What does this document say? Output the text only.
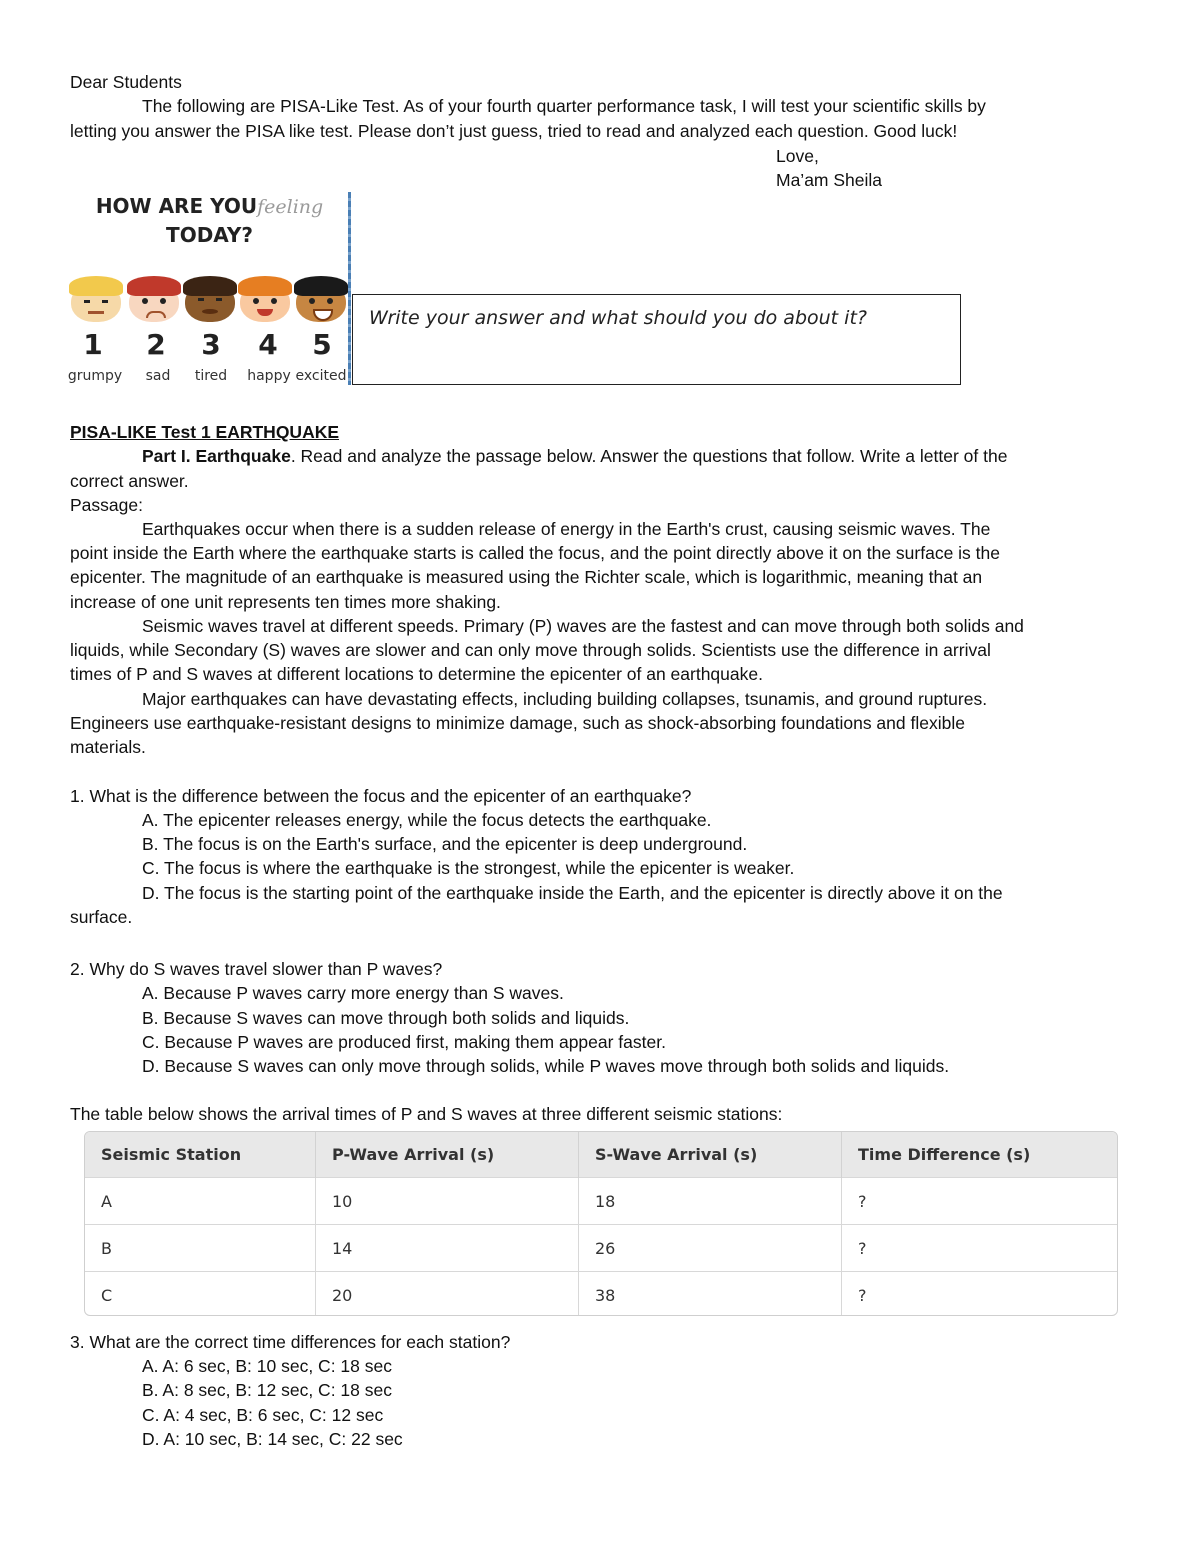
Dear Students
The following are PISA-Like Test. As of your fourth quarter performance task, I will test your scientific skills by
letting you answer the PISA like test. Please don’t just guess, tried to read and analyzed each question. Good luck!
Love,
Ma’am Sheila
HOW ARE YOUfeeling
TODAY?
1	2	3	4	5
grumpy	sad	tired	happy excited
Write your answer and what should you do about it?
PISA-LIKE Test 1 EARTHQUAKE
Part I. Earthquake. Read and analyze the passage below. Answer the questions that follow. Write a letter of the
correct answer.
Passage:
Earthquakes occur when there is a sudden release of energy in the Earth's crust, causing seismic waves. The
point inside the Earth where the earthquake starts is called the focus, and the point directly above it on the surface is the
epicenter. The magnitude of an earthquake is measured using the Richter scale, which is logarithmic, meaning that an
increase of one unit represents ten times more shaking.
Seismic waves travel at different speeds. Primary (P) waves are the fastest and can move through both solids and
liquids, while Secondary (S) waves are slower and can only move through solids. Scientists use the difference in arrival
times of P and S waves at different locations to determine the epicenter of an earthquake.
Major earthquakes can have devastating effects, including building collapses, tsunamis, and ground ruptures.
Engineers use earthquake-resistant designs to minimize damage, such as shock-absorbing foundations and flexible
materials.
1. What is the difference between the focus and the epicenter of an earthquake?
A. The epicenter releases energy, while the focus detects the earthquake.
B. The focus is on the Earth's surface, and the epicenter is deep underground.
C. The focus is where the earthquake is the strongest, while the epicenter is weaker.
D. The focus is the starting point of the earthquake inside the Earth, and the epicenter is directly above it on the
surface.
2. Why do S waves travel slower than P waves?
A. Because P waves carry more energy than S waves.
B. Because S waves can move through both solids and liquids.
C. Because P waves are produced first, making them appear faster.
D. Because S waves can only move through solids, while P waves move through both solids and liquids.
The table below shows the arrival times of P and S waves at three different seismic stations:
Seismic Station	P-Wave Arrival (s)	S-Wave Arrival (s)	Time Difference (s)
A	10	18	?
B	14	26	?
C	20	38	?
3. What are the correct time differences for each station?
A. A: 6 sec, B: 10 sec, C: 18 sec
B. A: 8 sec, B: 12 sec, C: 18 sec
C. A: 4 sec, B: 6 sec, C: 12 sec
D. A: 10 sec, B: 14 sec, C: 22 sec
